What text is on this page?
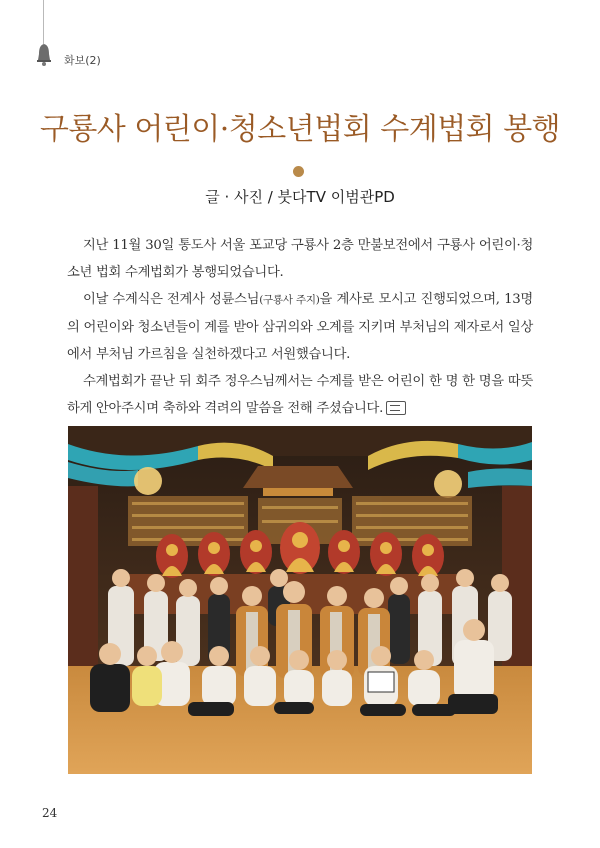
화보(2)
구룡사 어린이·청소년법회 수계법회 봉행
글 · 사진 / 붓다TV 이범관PD

지난 11월 30일 통도사 서울 포교당 구룡사 2층 만불보전에서 구룡사 어린이·청소년 법회 수계법회가 봉행되었습니다.

이날 수계식은 전계사 성륜스님(구룡사 주지)을 계사로 모시고 진행되었으며, 13명의 어린이와 청소년들이 계를 받아 삼귀의와 오계를 지키며 부처님의 제자로서 일상에서 부처님 가르침을 실천하겠다고 서원했습니다.

수계법회가 끝난 뒤 회주 정우스님께서는 수계를 받은 어린이 한 명 한 명을 따뜻하게 안아주시며 축하와 격려의 말씀을 전해 주셨습니다.

24
